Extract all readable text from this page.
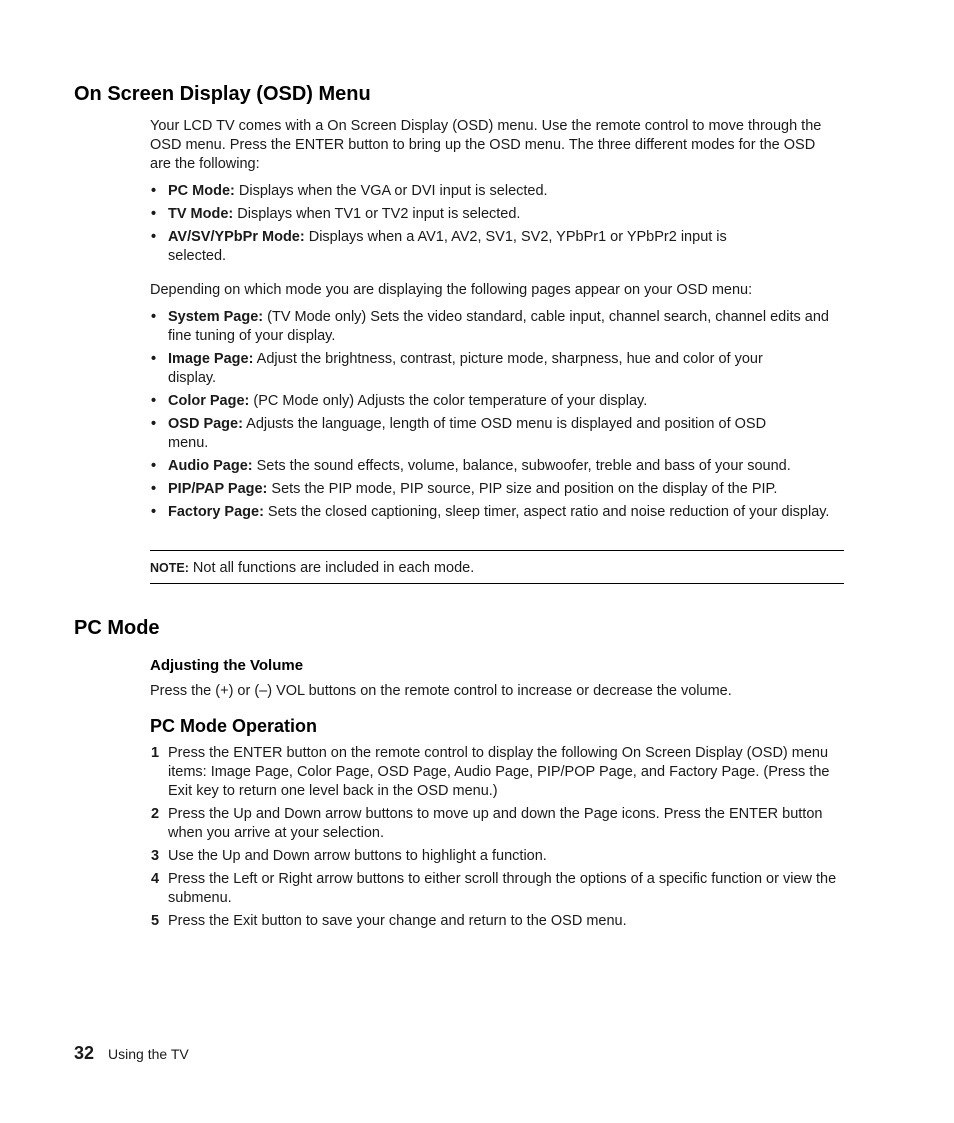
On Screen Display (OSD) Menu

Your LCD TV comes with a On Screen Display (OSD) menu. Use the remote control to move through the OSD menu. Press the ENTER button to bring up the OSD menu. The three different modes for the OSD are the following:

• PC Mode: Displays when the VGA or DVI input is selected.
• TV Mode: Displays when TV1 or TV2 input is selected.
• AV/SV/YPbPr Mode: Displays when a AV1, AV2, SV1, SV2, YPbPr1 or YPbPr2 input is selected.

Depending on which mode you are displaying the following pages appear on your OSD menu:

• System Page: (TV Mode only) Sets the video standard, cable input, channel search, channel edits and fine tuning of your display.
• Image Page: Adjust the brightness, contrast, picture mode, sharpness, hue and color of your display.
• Color Page: (PC Mode only) Adjusts the color temperature of your display.
• OSD Page: Adjusts the language, length of time OSD menu is displayed and position of OSD menu.
• Audio Page: Sets the sound effects, volume, balance, subwoofer, treble and bass of your sound.
• PIP/PAP Page: Sets the PIP mode, PIP source, PIP size and position on the display of the PIP.
• Factory Page: Sets the closed captioning, sleep timer, aspect ratio and noise reduction of your display.
NOTE: Not all functions are included in each mode.
PC Mode
Adjusting the Volume

Press the (+) or (–) VOL buttons on the remote control to increase or decrease the volume.

PC Mode Operation
1 Press the ENTER button on the remote control to display the following On Screen Display (OSD) menu items: Image Page, Color Page, OSD Page, Audio Page, PIP/POP Page, and Factory Page. (Press the Exit key to return one level back in the OSD menu.)
2 Press the Up and Down arrow buttons to move up and down the Page icons. Press the ENTER button when you arrive at your selection.
3 Use the Up and Down arrow buttons to highlight a function.
4 Press the Left or Right arrow buttons to either scroll through the options of a specific function or view the submenu.
5 Press the Exit button to save your change and return to the OSD menu.
32 Using the TV
